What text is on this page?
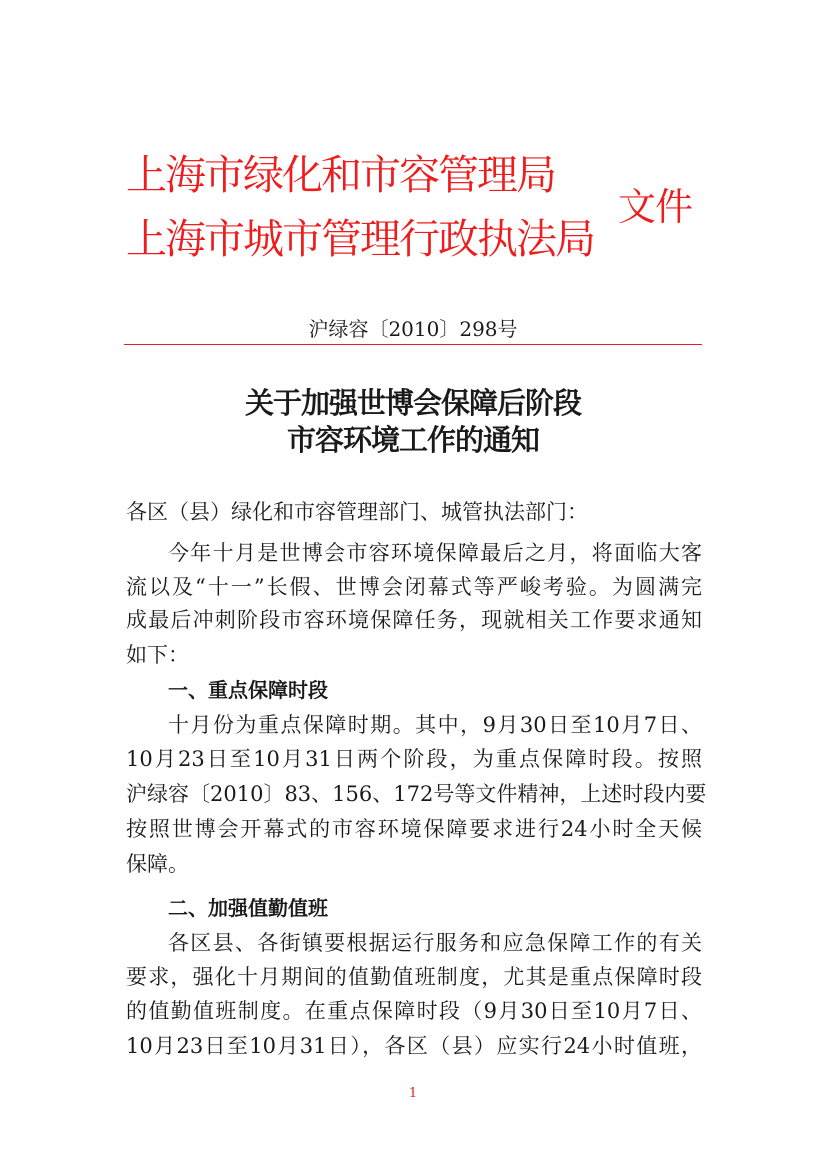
上海市绿化和市容管理局
上海市城市管理行政执法局
文件
沪绿容〔2010〕298号
关于加强世博会保障后阶段
市容环境工作的通知
各区（县）绿化和市容管理部门、城管执法部门：
今年十月是世博会市容环境保障最后之月，将面临大客
流以及“十一”长假、世博会闭幕式等严峻考验。为圆满完
成最后冲刺阶段市容环境保障任务，现就相关工作要求通知
如下：
一、重点保障时段
十月份为重点保障时期。其中，9月30日至10月7日、
10月23日至10月31日两个阶段，为重点保障时段。按照
沪绿容〔2010〕83、156、172号等文件精神，上述时段内要
按照世博会开幕式的市容环境保障要求进行24小时全天候
保障。
二、加强值勤值班
各区县、各街镇要根据运行服务和应急保障工作的有关
要求，强化十月期间的值勤值班制度，尤其是重点保障时段
的值勤值班制度。在重点保障时段（9月30日至10月7日、
10月23日至10月31日），各区（县）应实行24小时值班，
1
